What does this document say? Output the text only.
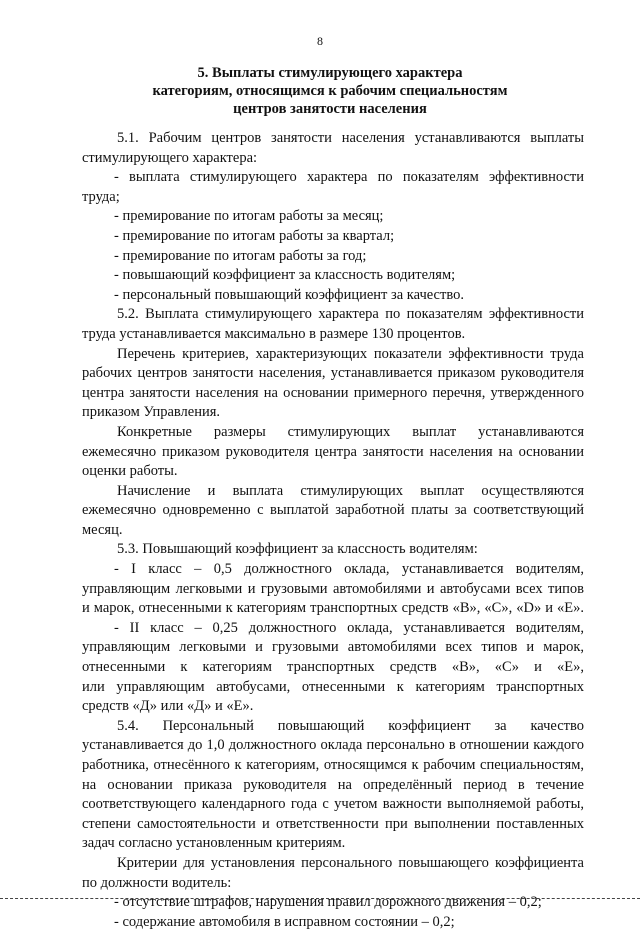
8
5. Выплаты стимулирующего характера
категориям, относящимся к рабочим специальностям
центров занятости населения

5.1. Рабочим центров занятости населения устанавливаются выплаты

стимулирующего характера:

- выплата стимулирующего характера по показателям эффективности

труда;

- премирование по итогам работы за месяц;

- премирование по итогам работы за квартал;

- премирование по итогам работы за год;

- повышающий коэффициент за классность водителям;

- персональный повышающий коэффициент за качество.

5.2. Выплата стимулирующего характера по показателям эффективности

труда устанавливается максимально в размере 130 процентов.

Перечень критериев, характеризующих показатели эффективности труда

рабочих центров занятости населения, устанавливается приказом руководителя

центра занятости населения на основании примерного перечня, утвержденного

приказом Управления.

Конкретные размеры стимулирующих выплат устанавливаются

ежемесячно приказом руководителя центра занятости населения на основании

оценки работы.

Начисление и выплата стимулирующих выплат осуществляются

ежемесячно одновременно с выплатой заработной платы за соответствующий

месяц.

5.3. Повышающий коэффициент за классность водителям:

- I класс – 0,5 должностного оклада, устанавливается водителям,

управляющим легковыми и грузовыми автомобилями и автобусами всех типов

и марок, отнесенными к категориям транспортных средств «В», «С», «D» и «Е».

- II класс – 0,25 должностного оклада, устанавливается водителям,

управляющим легковыми и грузовыми автомобилями всех типов и марок,

отнесенными к категориям транспортных средств «В», «С» и «Е»,

или управляющим автобусами, отнесенными к категориям транспортных

средств «Д» или «Д» и «Е».

5.4. Персональный повышающий коэффициент за качество

устанавливается до 1,0 должностного оклада персонально в отношении каждого

работника, отнесённого к категориям, относящимся к рабочим специальностям,

на основании приказа руководителя на определённый период в течение

соответствующего календарного года с учетом важности выполняемой работы,

степени самостоятельности и ответственности при выполнении поставленных

задач согласно установленным критериям.

Критерии для установления персонального повышающего коэффициента

по должности водитель:

- отсутствие штрафов, нарушения правил дорожного движения – 0,2;

- содержание автомобиля в исправном состоянии – 0,2;
